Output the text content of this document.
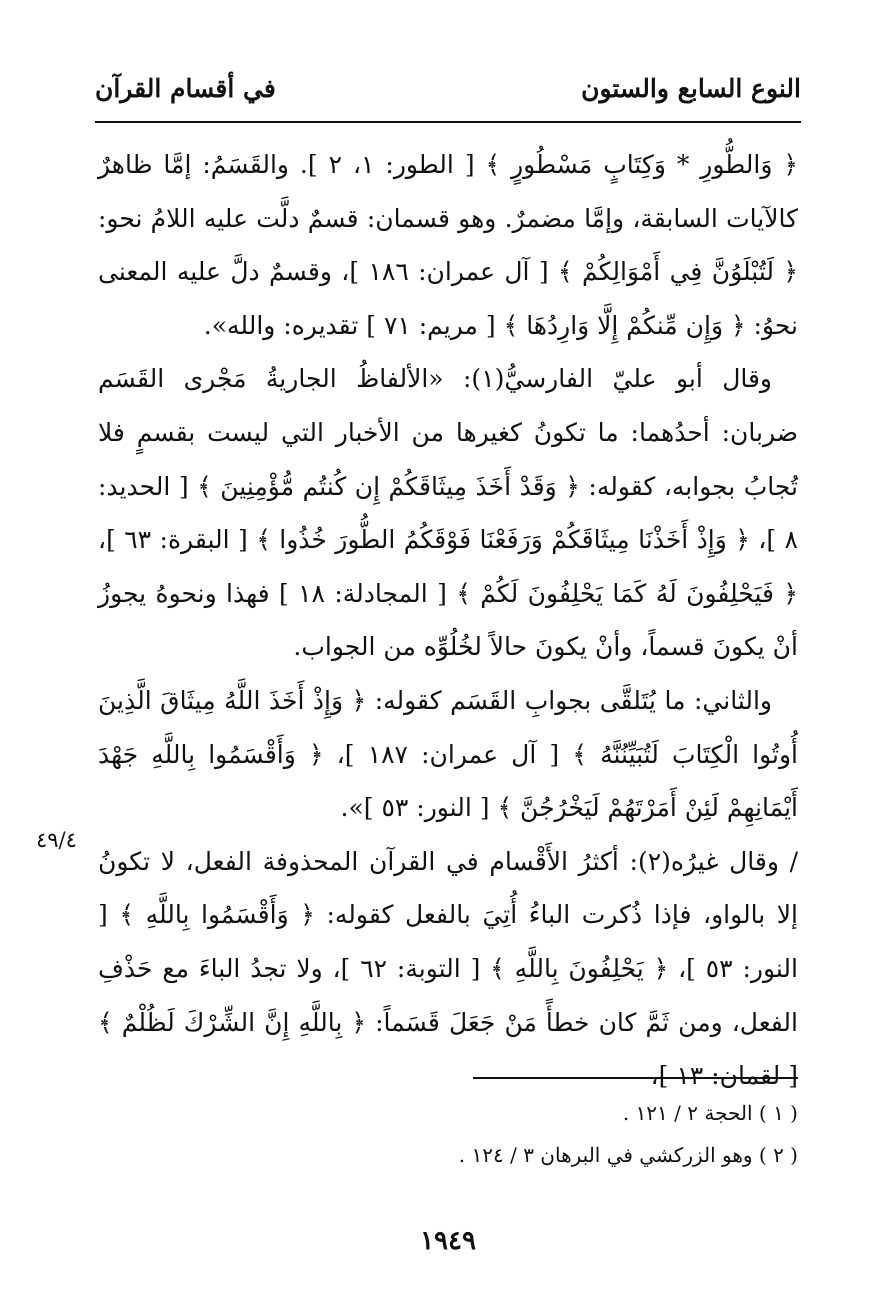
النوع السابع والستون
في أقسام القرآن

﴿ وَالطُّورِ * وَكِتَابٍ مَسْطُورٍ ﴾ [ الطور: ١، ٢ ]. والقَسَمُ: إمَّا ظاهرٌ كالآيات السابقة، وإمَّا مضمرٌ. وهو قسمان: قسمٌ دلَّت عليه اللامُ نحو: ﴿ لَتُبْلَوُنَّ فِي أَمْوَالِكُمْ ﴾ [ آل عمران: ١٨٦ ]، وقسمٌ دلَّ عليه المعنى نحوُ: ﴿ وَإِن مِّنكُمْ إِلَّا وَارِدُهَا ﴾ [ مريم: ٧١ ] تقديره: والله».

وقال أبو عليّ الفارسيُّ(١): «الألفاظُ الجاريةُ مَجْرى القَسَم ضربان: أحدُهما: ما تكونُ كغيرها من الأخبار التي ليست بقسمٍ فلا تُجابُ بجوابه، كقوله: ﴿ وَقَدْ أَخَذَ مِيثَاقَكُمْ إِن كُنتُم مُّؤْمِنِينَ ﴾ [ الحديد: ٨ ]، ﴿ وَإِذْ أَخَذْنَا مِيثَاقَكُمْ وَرَفَعْنَا فَوْقَكُمُ الطُّورَ خُذُوا ﴾ [ البقرة: ٦٣ ]، ﴿ فَيَحْلِفُونَ لَهُ كَمَا يَحْلِفُونَ لَكُمْ ﴾ [ المجادلة: ١٨ ] فهذا ونحوهُ يجوزُ أنْ يكونَ قسماً، وأنْ يكونَ حالاً لخُلُوِّه من الجواب.

والثاني: ما يُتَلقَّى بجوابِ القَسَم كقوله: ﴿ وَإِذْ أَخَذَ اللَّهُ مِيثَاقَ الَّذِينَ أُوتُوا الْكِتَابَ لَتُبَيِّنُنَّهُ ﴾ [ آل عمران: ١٨٧ ]، ﴿ وَأَقْسَمُوا بِاللَّهِ جَهْدَ أَيْمَانِهِمْ لَئِنْ أَمَرْتَهُمْ لَيَخْرُجُنَّ ﴾ [ النور: ٥٣ ]».

/ وقال غيرُه(٢): أكثرُ الأَقْسام في القرآن المحذوفة الفعل، لا تكونُ إلا بالواو، فإذا ذُكرت الباءُ أُتِيَ بالفعل كقوله: ﴿ وَأَقْسَمُوا بِاللَّهِ ﴾ [ النور: ٥٣ ]، ﴿ يَحْلِفُونَ بِاللَّهِ ﴾ [ التوبة: ٦٢ ]، ولا تجدُ الباءَ مع حَذْفِ الفعل، ومن ثَمَّ كان خطأً مَنْ جَعَلَ قَسَماً: ﴿ بِاللَّهِ إِنَّ الشِّرْكَ لَظُلْمٌ ﴾ [ لقمان: ١٣ ]،

٤٩/٤

( ١ ) الحجة ٢ / ١٢١ .

( ٢ ) وهو الزركشي في البرهان ٣ / ١٢٤ .

١٩٤٩
